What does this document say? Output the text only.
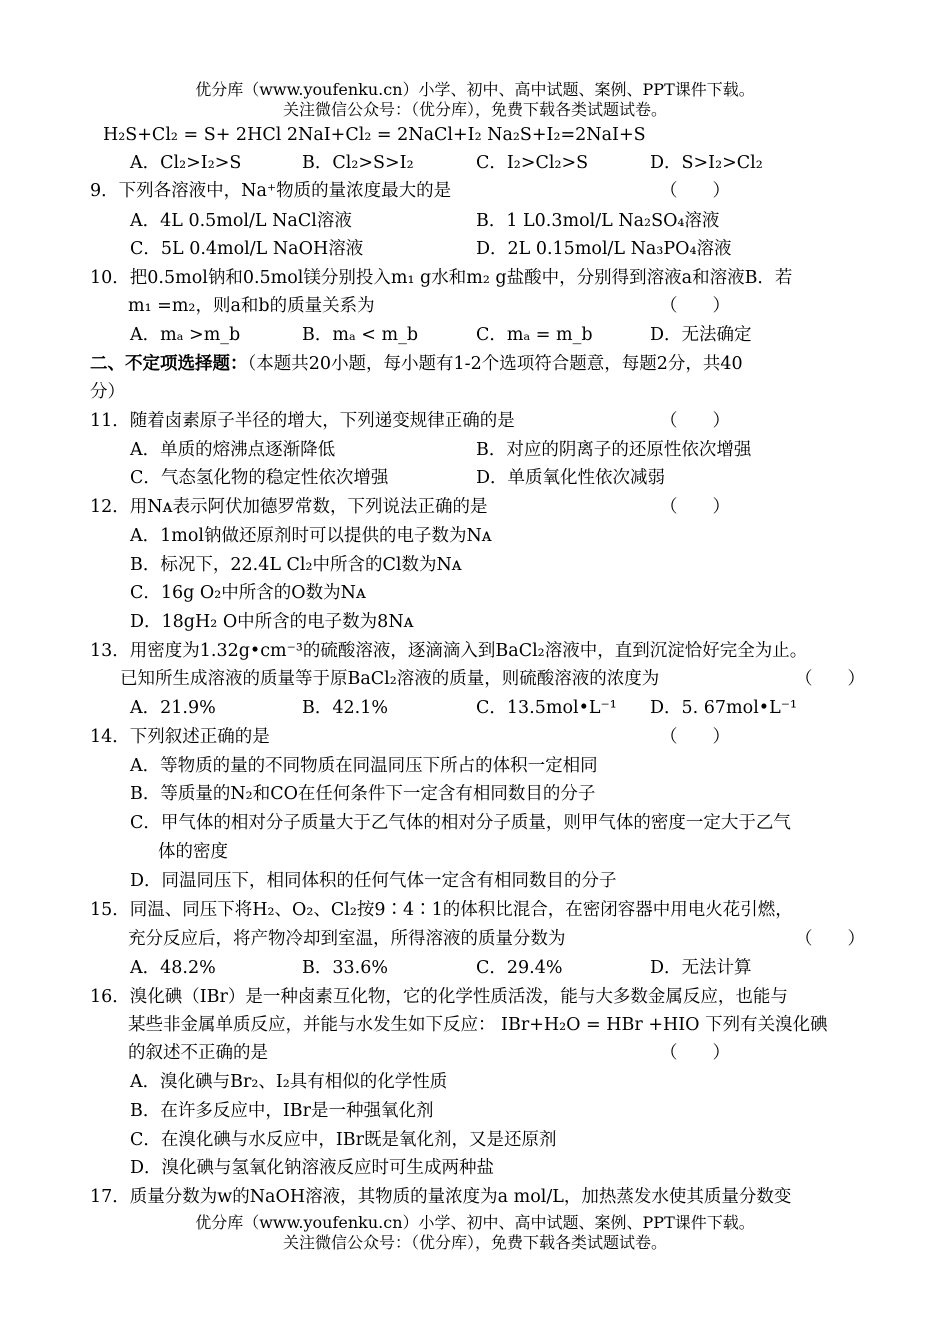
优分库（www.youfenku.cn）小学、初中、高中试题、案例、PPT课件下载。
关注微信公众号：（优分库），免费下载各类试题试卷。
H₂S+Cl₂ = S+ 2HCl 2NaI+Cl₂ = 2NaCl+I₂ Na₂S+I₂=2NaI+S
A．Cl₂>I₂>S	B．Cl₂>S>I₂	C．I₂>Cl₂>S	D．S>I₂>Cl₂
9．下列各溶液中，Na⁺物质的量浓度最大的是	（　　）
A．4L 0.5mol/L NaCl溶液	B．1 L0.3mol/L Na₂SO₄溶液
C．5L 0.4mol/L NaOH溶液	D．2L 0.15mol/L Na₃PO₄溶液
10．把0.5mol钠和0.5mol镁分别投入m₁ g水和m₂ g盐酸中，分别得到溶液a和溶液B．若
m₁ =m₂，则a和b的质量关系为	（　　）
A．mₐ >m_b	B．mₐ < m_b	C．mₐ = m_b	D．无法确定
二、不定项选择题：（本题共20小题，每小题有1-2个选项符合题意，每题2分，共40
分）
11．随着卤素原子半径的增大，下列递变规律正确的是	（　　）
A．单质的熔沸点逐渐降低	B．对应的阴离子的还原性依次增强
C．气态氢化物的稳定性依次增强	D．单质氧化性依次减弱
12．用Nᴀ表示阿伏加德罗常数，下列说法正确的是	（　　）
A．1mol钠做还原剂时可以提供的电子数为Nᴀ
B．标况下，22.4L Cl₂中所含的Cl数为Nᴀ
C．16g O₂中所含的O数为Nᴀ
D．18gH₂ O中所含的电子数为8Nᴀ
13．用密度为1.32g•cm⁻³的硫酸溶液，逐滴滴入到BaCl₂溶液中，直到沉淀恰好完全为止。
已知所生成溶液的质量等于原BaCl₂溶液的质量，则硫酸溶液的浓度为	（　　）
A．21.9%	B．42.1%	C．13.5mol•L⁻¹ D．5. 67mol•L⁻¹
14．下列叙述正确的是	（　　）
A．等物质的量的不同物质在同温同压下所占的体积一定相同
B．等质量的N₂和CO在任何条件下一定含有相同数目的分子
C．甲气体的相对分子质量大于乙气体的相对分子质量，则甲气体的密度一定大于乙气
体的密度
D．同温同压下，相同体积的任何气体一定含有相同数目的分子
15．同温、同压下将H₂、O₂、Cl₂按9∶4∶1的体积比混合，在密闭容器中用电火花引燃，
充分反应后，将产物冷却到室温，所得溶液的质量分数为	（　　）
A．48.2%	B．33.6%	C．29.4%	D．无法计算
16．溴化碘（IBr）是一种卤素互化物，它的化学性质活泼，能与大多数金属反应，也能与
某些非金属单质反应，并能与水发生如下反应： IBr+H₂O = HBr +HIO 下列有关溴化碘
的叙述不正确的是	（　　）
A．溴化碘与Br₂、I₂具有相似的化学性质
B．在许多反应中，IBr是一种强氧化剂
C．在溴化碘与水反应中，IBr既是氧化剂，又是还原剂
D．溴化碘与氢氧化钠溶液反应时可生成两种盐
17．质量分数为w的NaOH溶液，其物质的量浓度为a mol/L，加热蒸发水使其质量分数变
优分库（www.youfenku.cn）小学、初中、高中试题、案例、PPT课件下载。
关注微信公众号：（优分库），免费下载各类试题试卷。
